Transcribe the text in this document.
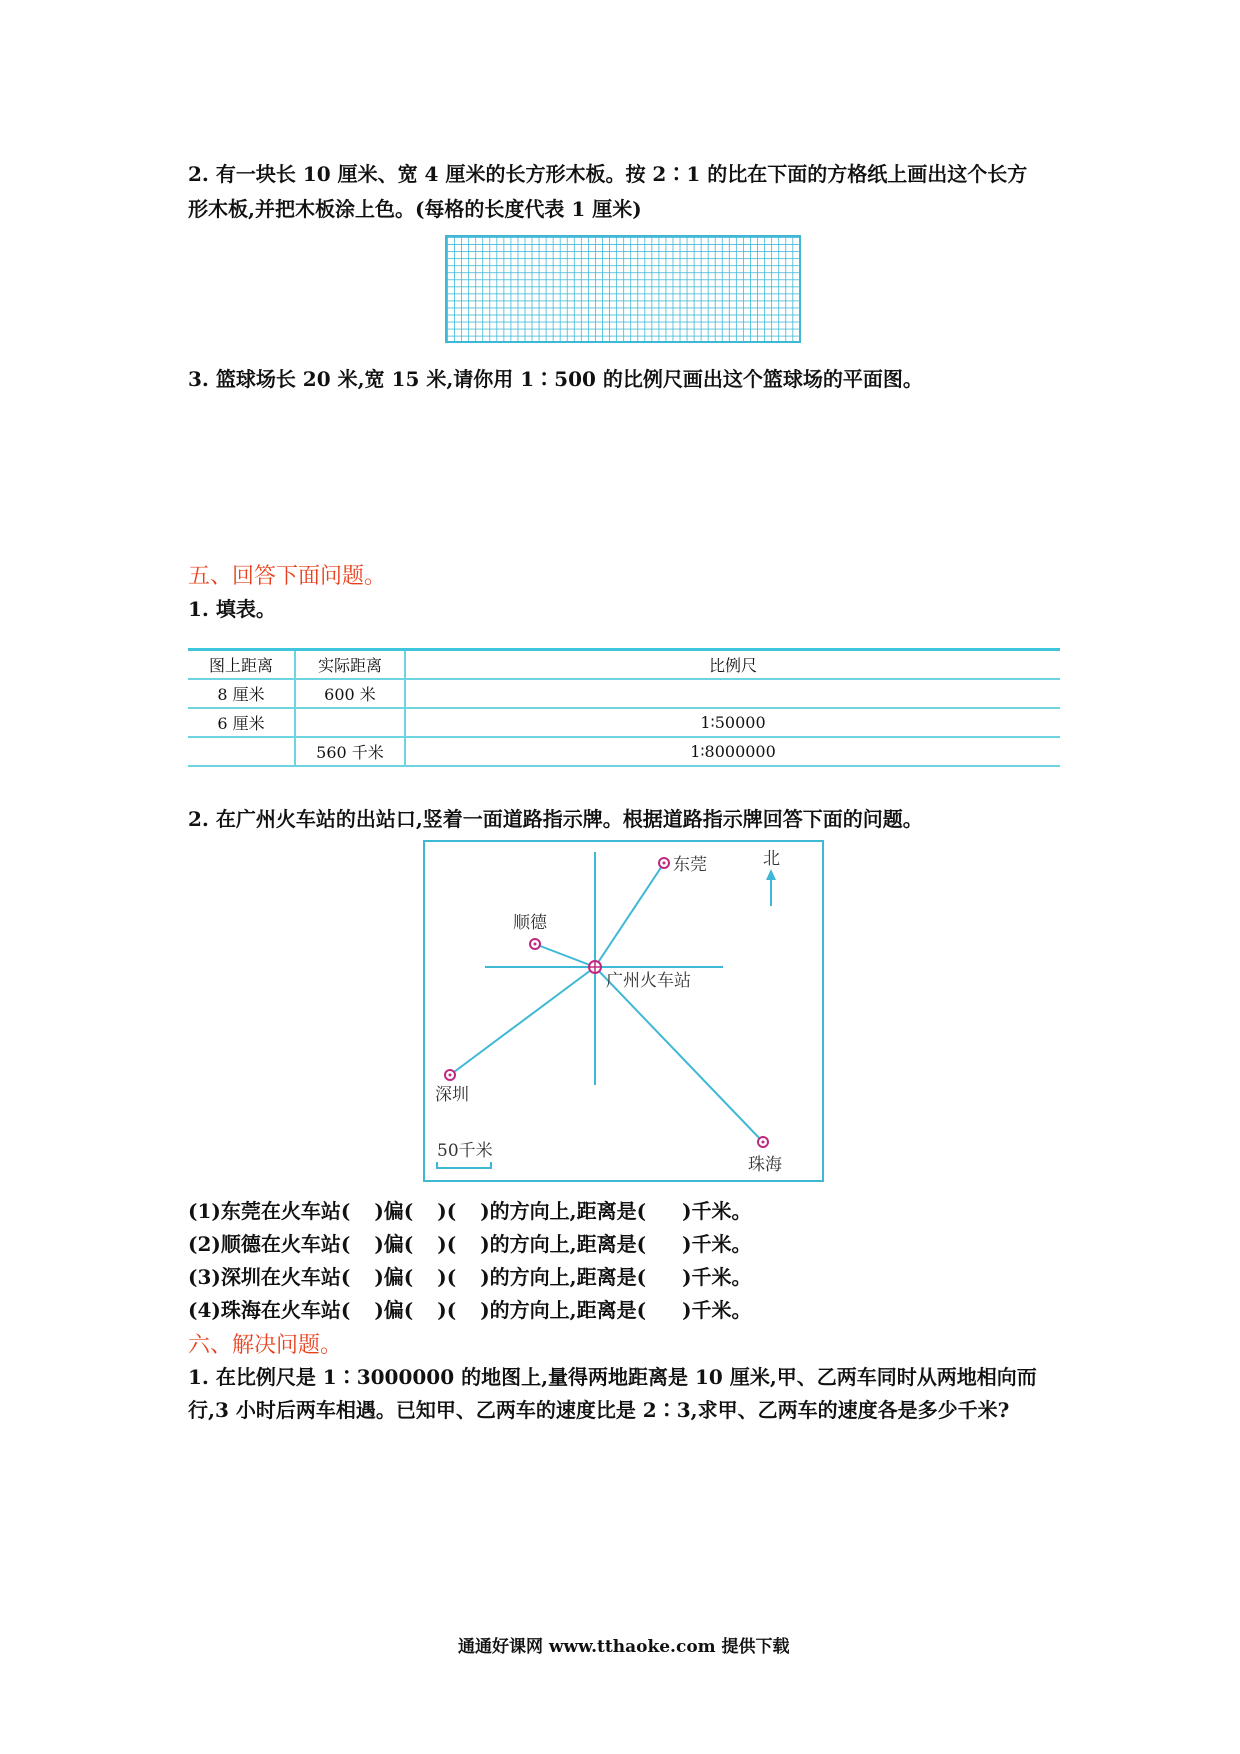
2. 有一块长 10 厘米、宽 4 厘米的长方形木板。按 2∶1 的比在下面的方格纸上画出这个长方
形木板,并把木板涂上色。(每格的长度代表 1 厘米)
3. 篮球场长 20 米,宽 15 米,请你用 1∶500 的比例尺画出这个篮球场的平面图。
五、回答下面问题。
1. 填表。
图上距离	实际距离	比例尺
8 厘米	600 米	
6 厘米		1∶50000
	560 千米	1∶8000000
2. 在广州火车站的出站口,竖着一面道路指示牌。根据道路指示牌回答下面的问题。
东莞
顺德
广州火车站
深圳
珠海
北
50千米
(1)东莞在火车站( )偏( )( )的方向上,距离是( )千米。
(2)顺德在火车站( )偏( )( )的方向上,距离是( )千米。
(3)深圳在火车站( )偏( )( )的方向上,距离是( )千米。
(4)珠海在火车站( )偏( )( )的方向上,距离是( )千米。
六、解决问题。
1. 在比例尺是 1∶3000000 的地图上,量得两地距离是 10 厘米,甲、乙两车同时从两地相向而
行,3 小时后两车相遇。已知甲、乙两车的速度比是 2∶3,求甲、乙两车的速度各是多少千米?
通通好课网 www.tthaoke.com 提供下载
